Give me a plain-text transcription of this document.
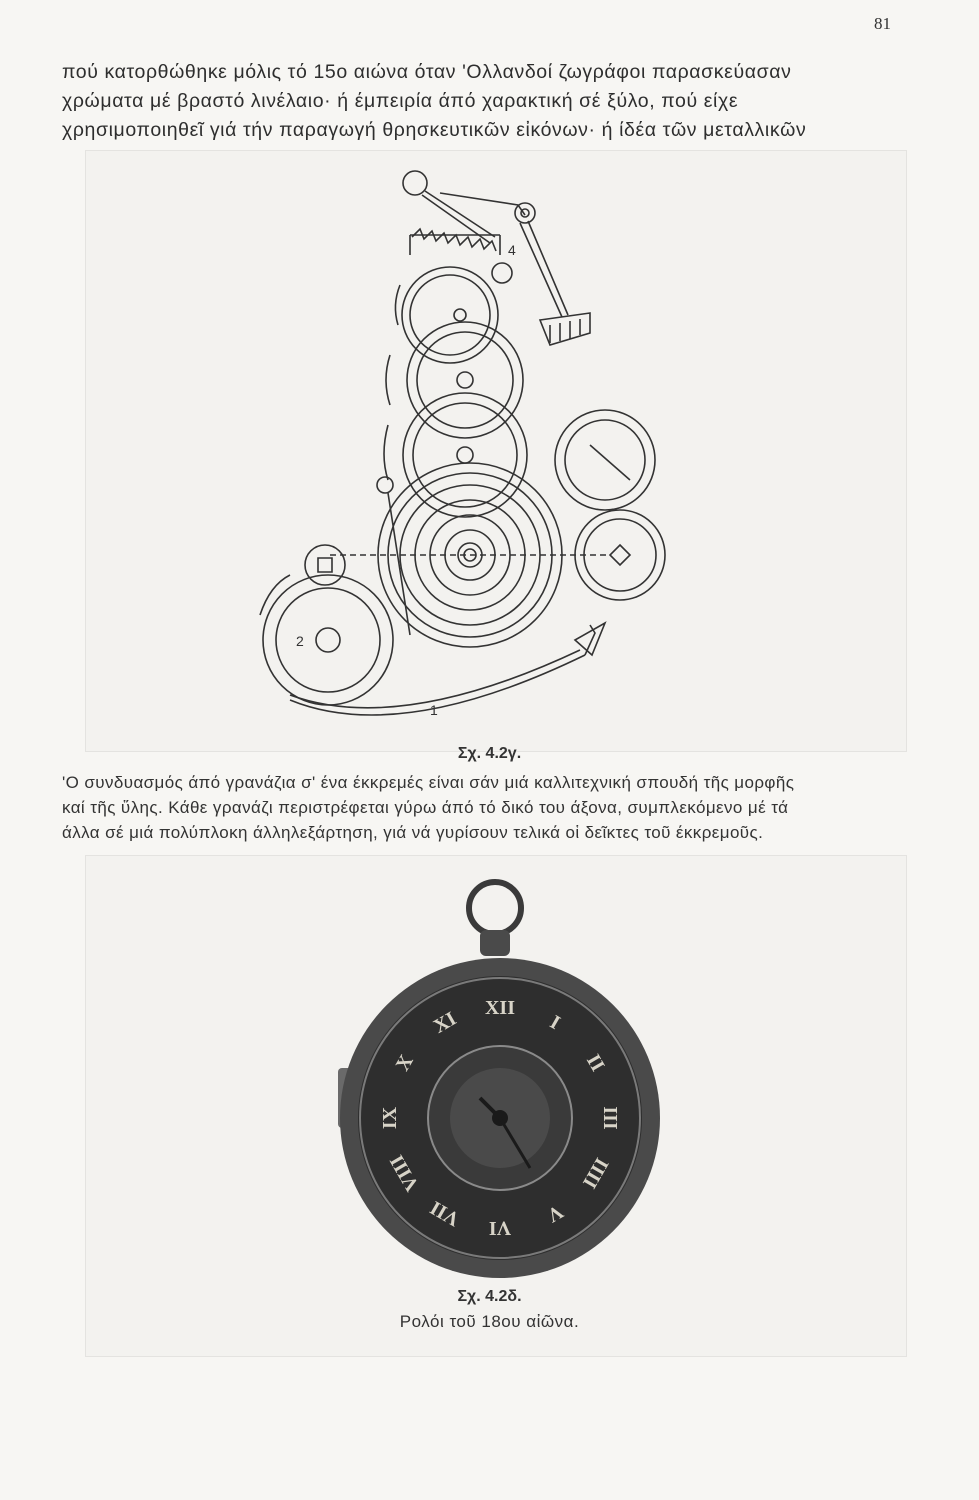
81
πού κατορθώθηκε μόλις τό 15ο αιώνα όταν 'Ολλανδοί ζωγράφοι παρασκεύασαν
χρώματα μέ βραστό λινέλαιο· ή έμπειρία άπό χαρακτική σέ ξύλο, πού είχε
χρησιμοποιηθεῖ γιά τήν παραγωγή θρησκευτικῶν εἰκόνων· ή ίδέα τῶν μεταλλικῶν
4
2
1
Σχ. 4.2γ.
'Ο συνδυασμός άπό γρανάζια σ' ένα έκκρεμές είναι σάν μιά καλλιτεχνική σπουδή τῆς μορφῆς
καί τῆς ὕλης. Κάθε γρανάζι περιστρέφεται γύρω άπό τό δικό του άξονα, συμπλεκόμενο μέ τά
άλλα σέ μιά πολύπλοκη άλληλεξάρτηση, γιά νά γυρίσουν τελικά οἱ δεῖκτες τοῦ έκκρεμοῦς.
XII
I
II
III
IIII
V
VI
VII
VIII
IX
X
XI
Σχ. 4.2δ.
Ρολόι τοῦ 18ου αἰῶνα.
